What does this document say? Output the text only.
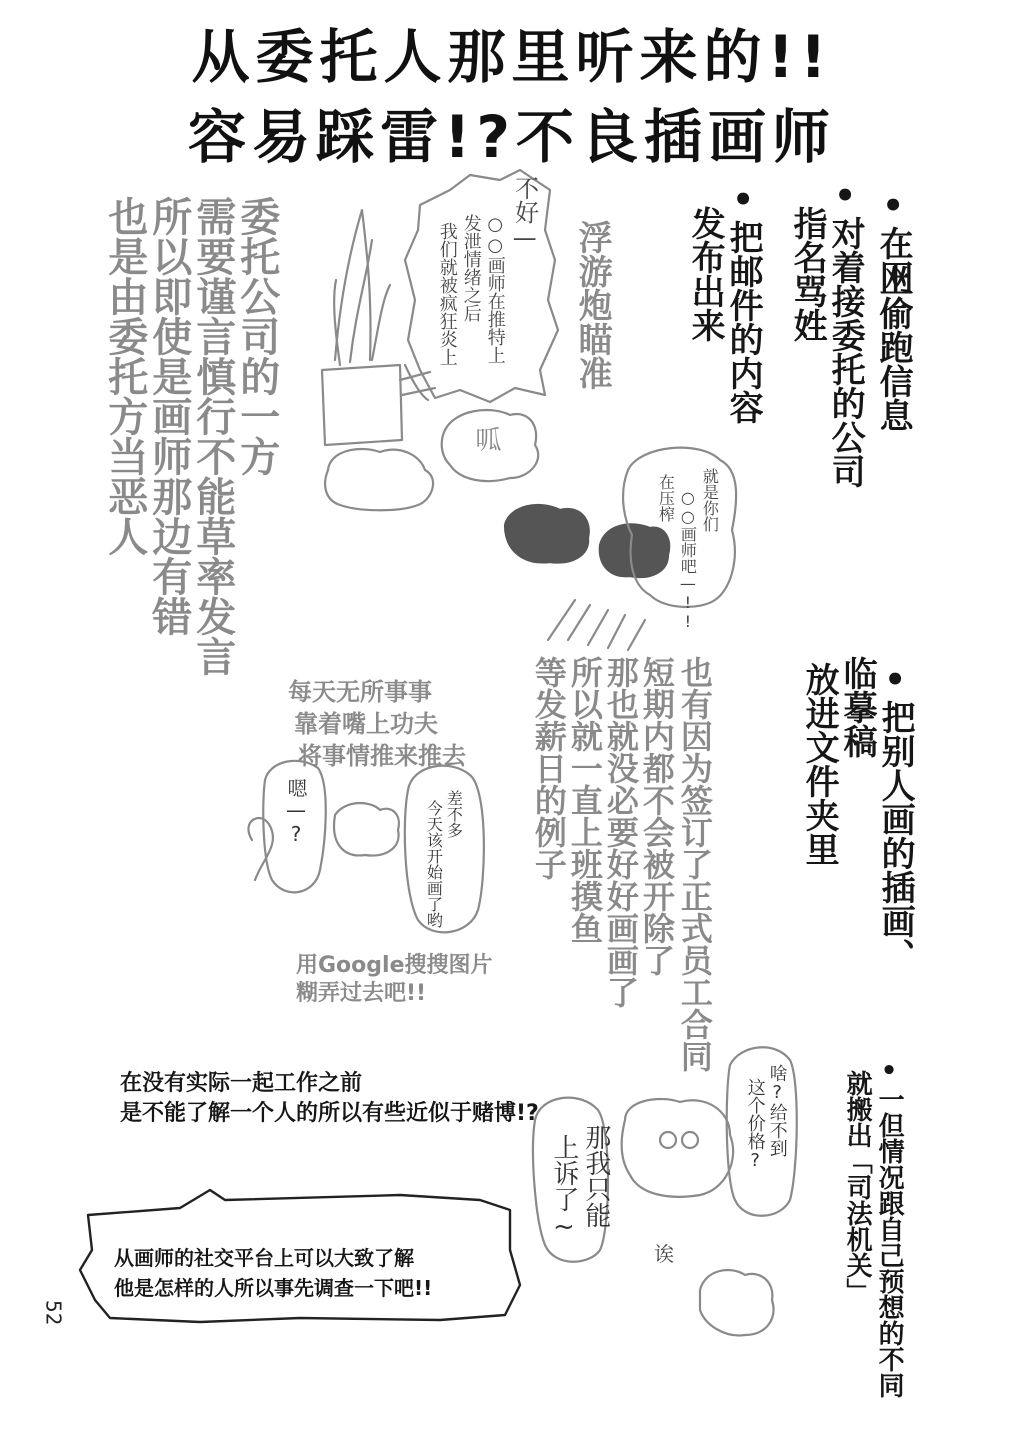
从委托人那里听来的!!
容易踩雷!?不良插画师
•在网
上偷跑信息
•对着接委托的公司
指名骂姓
•把邮件的内容
发布出来
委托公司的一方
需要谨言慎行不能草率发言
所以即使是画师那边有错
也是由委托方当恶人	不好—
○○画师在推特上
发泄情绪之后
我们就被疯狂炎上	浮游炮瞄准
呱
就是你们
○○画师吧—!!
在压榨
•把别人画的插画、
临摹稿
放进文件夹里
也有因为签订了正式员工合同
短期内都不会被开除了
那也就没必要好好画画了
所以就一直上班摸鱼
等发薪日的例子
每天无所事事
靠着嘴上功夫
将事情推来推去
嗯—?	差不多
今天该开始画了哟
用Google搜搜图片
糊弄过去吧!!
•一但情况跟自己预想的不同
就搬出「司法机关」
在没有实际一起工作之前
是不能了解一个人的所以有些近似于赌博!?	啥?给不到
这个价格?
那我只能
上诉了~
诶
从画师的社交平台上可以大致了解
他是怎样的人所以事先调查一下吧!!
52
